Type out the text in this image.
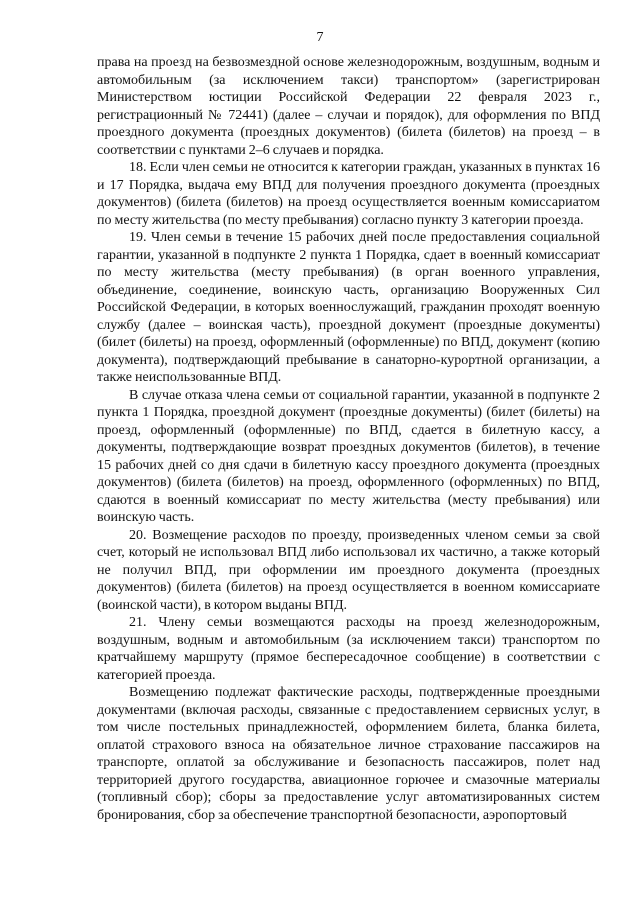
7

права на проезд на безвозмездной основе железнодорожным, воздушным, водным и автомобильным (за исключением такси) транспортом» (зарегистрирован Министерством юстиции Российской Федерации 22 февраля 2023 г., регистрационный № 72441) (далее – случаи и порядок), для оформления по ВПД проездного документа (проездных документов) (билета (билетов) на проезд – в соответствии с пунктами 2–6 случаев и порядка.

18. Если член семьи не относится к категории граждан, указанных в пунктах 16 и 17 Порядка, выдача ему ВПД для получения проездного документа (проездных документов) (билета (билетов) на проезд осуществляется военным комиссариатом по месту жительства (по месту пребывания) согласно пункту 3 категории проезда.

19. Член семьи в течение 15 рабочих дней после предоставления социальной гарантии, указанной в подпункте 2 пункта 1 Порядка, сдает в военный комиссариат по месту жительства (месту пребывания) (в орган военного управления, объединение, соединение, воинскую часть, организацию Вооруженных Сил Российской Федерации, в которых военнослужащий, гражданин проходят военную службу (далее – воинская часть), проездной документ (проездные документы) (билет (билеты) на проезд, оформленный (оформленные) по ВПД, документ (копию документа), подтверждающий пребывание в санаторно-курортной организации, а также неиспользованные ВПД.

В случае отказа члена семьи от социальной гарантии, указанной в подпункте 2 пункта 1 Порядка, проездной документ (проездные документы) (билет (билеты) на проезд, оформленный (оформленные) по ВПД, сдается в билетную кассу, а документы, подтверждающие возврат проездных документов (билетов), в течение 15 рабочих дней со дня сдачи в билетную кассу проездного документа (проездных документов) (билета (билетов) на проезд, оформленного (оформленных) по ВПД, сдаются в военный комиссариат по месту жительства (месту пребывания) или воинскую часть.

20. Возмещение расходов по проезду, произведенных членом семьи за свой счет, который не использовал ВПД либо использовал их частично, а также который не получил ВПД, при оформлении им проездного документа (проездных документов) (билета (билетов) на проезд осуществляется в военном комиссариате (воинской части), в котором выданы ВПД.

21. Члену семьи возмещаются расходы на проезд железнодорожным, воздушным, водным и автомобильным (за исключением такси) транспортом по кратчайшему маршруту (прямое беспересадочное сообщение) в соответствии с категорией проезда.

Возмещению подлежат фактические расходы, подтвержденные проездными документами (включая расходы, связанные с предоставлением сервисных услуг, в том числе постельных принадлежностей, оформлением билета, бланка билета, оплатой страхового взноса на обязательное личное страхование пассажиров на транспорте, оплатой за обслуживание и безопасность пассажиров, полет над территорией другого государства, авиационное горючее и смазочные материалы (топливный сбор); сборы за предоставление услуг автоматизированных систем бронирования, сбор за обеспечение транспортной безопасности, аэропортовый
